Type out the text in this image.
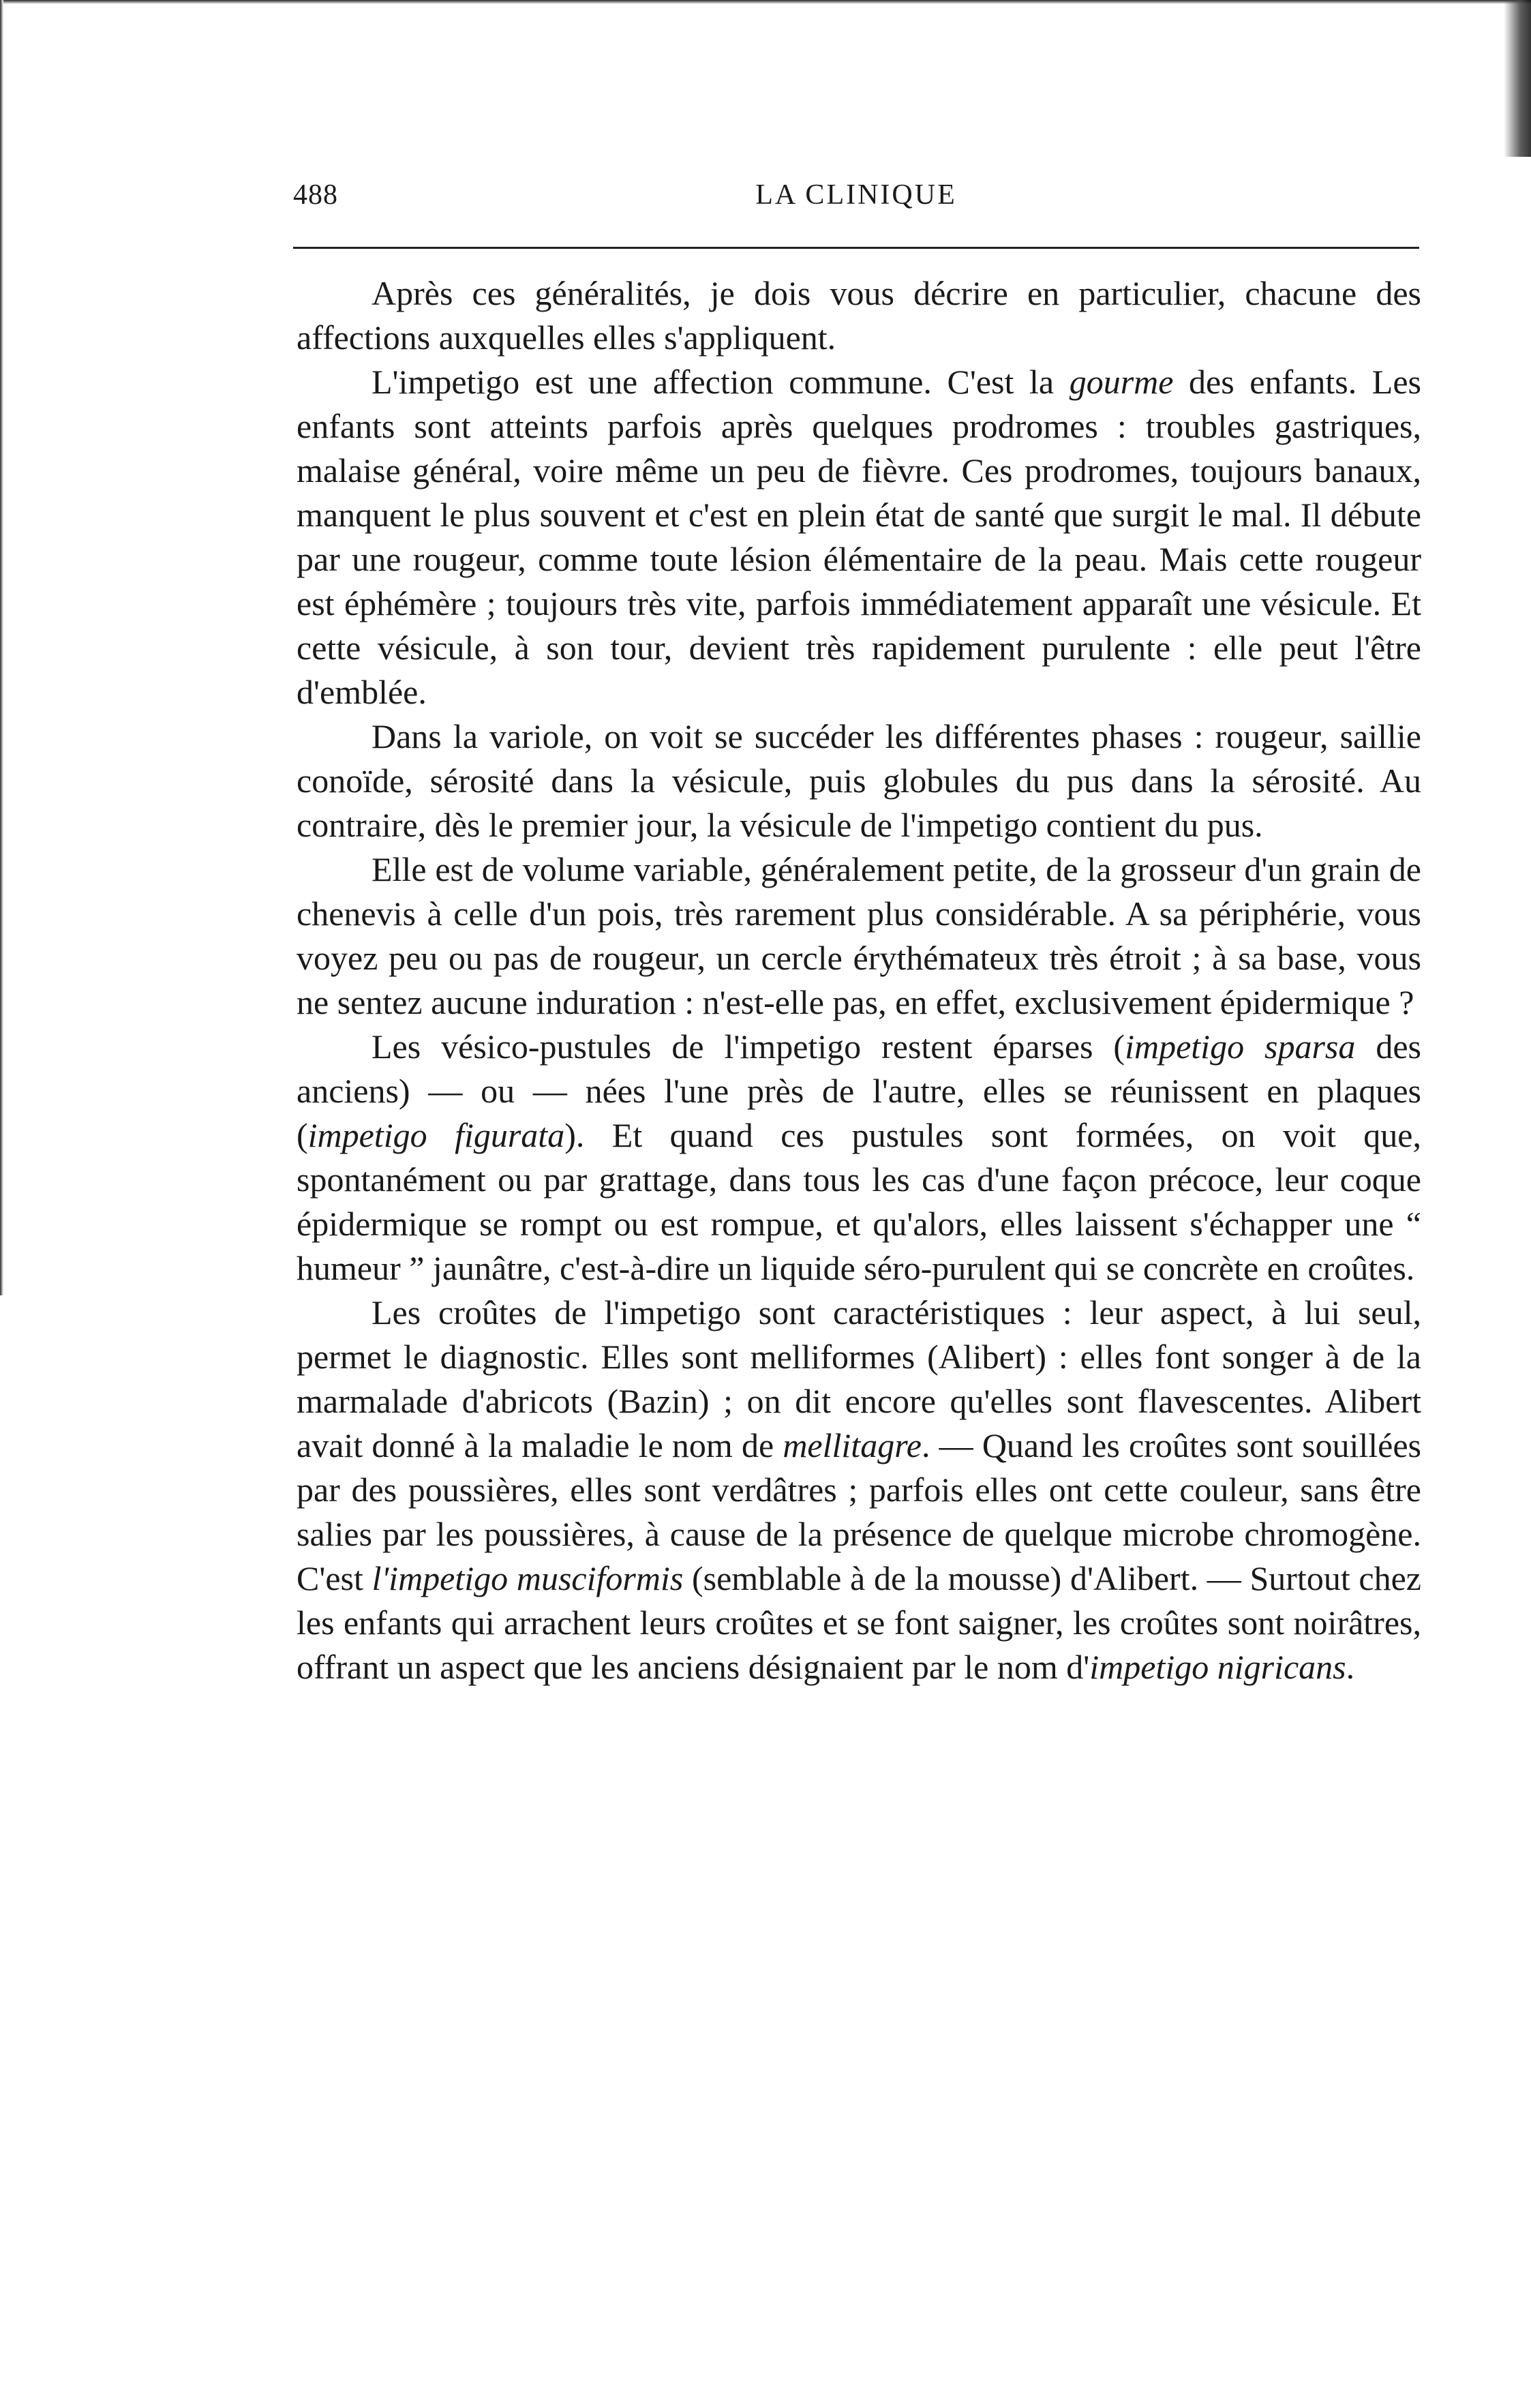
488	LA CLINIQUE

Après ces généralités, je dois vous décrire en particulier, chacune des affections auxquelles elles s'appliquent.

L'impetigo est une affection commune. C'est la gourme des enfants. Les enfants sont atteints parfois après quelques prodromes : troubles gastriques, malaise général, voire même un peu de fièvre. Ces prodromes, toujours banaux, manquent le plus souvent et c'est en plein état de santé que surgit le mal. Il débute par une rougeur, comme toute lésion élémentaire de la peau. Mais cette rougeur est éphémère ; toujours très vite, parfois immédiatement apparaît une vésicule. Et cette vésicule, à son tour, devient très rapidement purulente : elle peut l'être d'emblée.

Dans la variole, on voit se succéder les différentes phases : rougeur, saillie conoïde, sérosité dans la vésicule, puis globules du pus dans la sérosité. Au contraire, dès le premier jour, la vésicule de l'impetigo contient du pus.

Elle est de volume variable, généralement petite, de la grosseur d'un grain de chenevis à celle d'un pois, très rarement plus considérable. A sa périphérie, vous voyez peu ou pas de rougeur, un cercle érythémateux très étroit ; à sa base, vous ne sentez aucune induration : n'est-elle pas, en effet, exclusivement épidermique ?

Les vésico-pustules de l'impetigo restent éparses (impetigo sparsa des anciens) — ou — nées l'une près de l'autre, elles se réunissent en plaques (impetigo figurata). Et quand ces pustules sont formées, on voit que, spontanément ou par grattage, dans tous les cas d'une façon précoce, leur coque épidermique se rompt ou est rompue, et qu'alors, elles laissent s'échapper une “ humeur ” jaunâtre, c'est-à-dire un liquide séro-purulent qui se concrète en croûtes.

Les croûtes de l'impetigo sont caractéristiques : leur aspect, à lui seul, permet le diagnostic. Elles sont melliformes (Alibert) : elles font songer à de la marmalade d'abricots (Bazin) ; on dit encore qu'elles sont flavescentes. Alibert avait donné à la maladie le nom de mellitagre. — Quand les croûtes sont souillées par des poussières, elles sont verdâtres ; parfois elles ont cette couleur, sans être salies par les poussières, à cause de la présence de quelque microbe chromogène. C'est l'impetigo musciformis (semblable à de la mousse) d'Alibert. — Surtout chez les enfants qui arrachent leurs croûtes et se font saigner, les croûtes sont noirâtres, offrant un aspect que les anciens désignaient par le nom d'impetigo nigricans.
